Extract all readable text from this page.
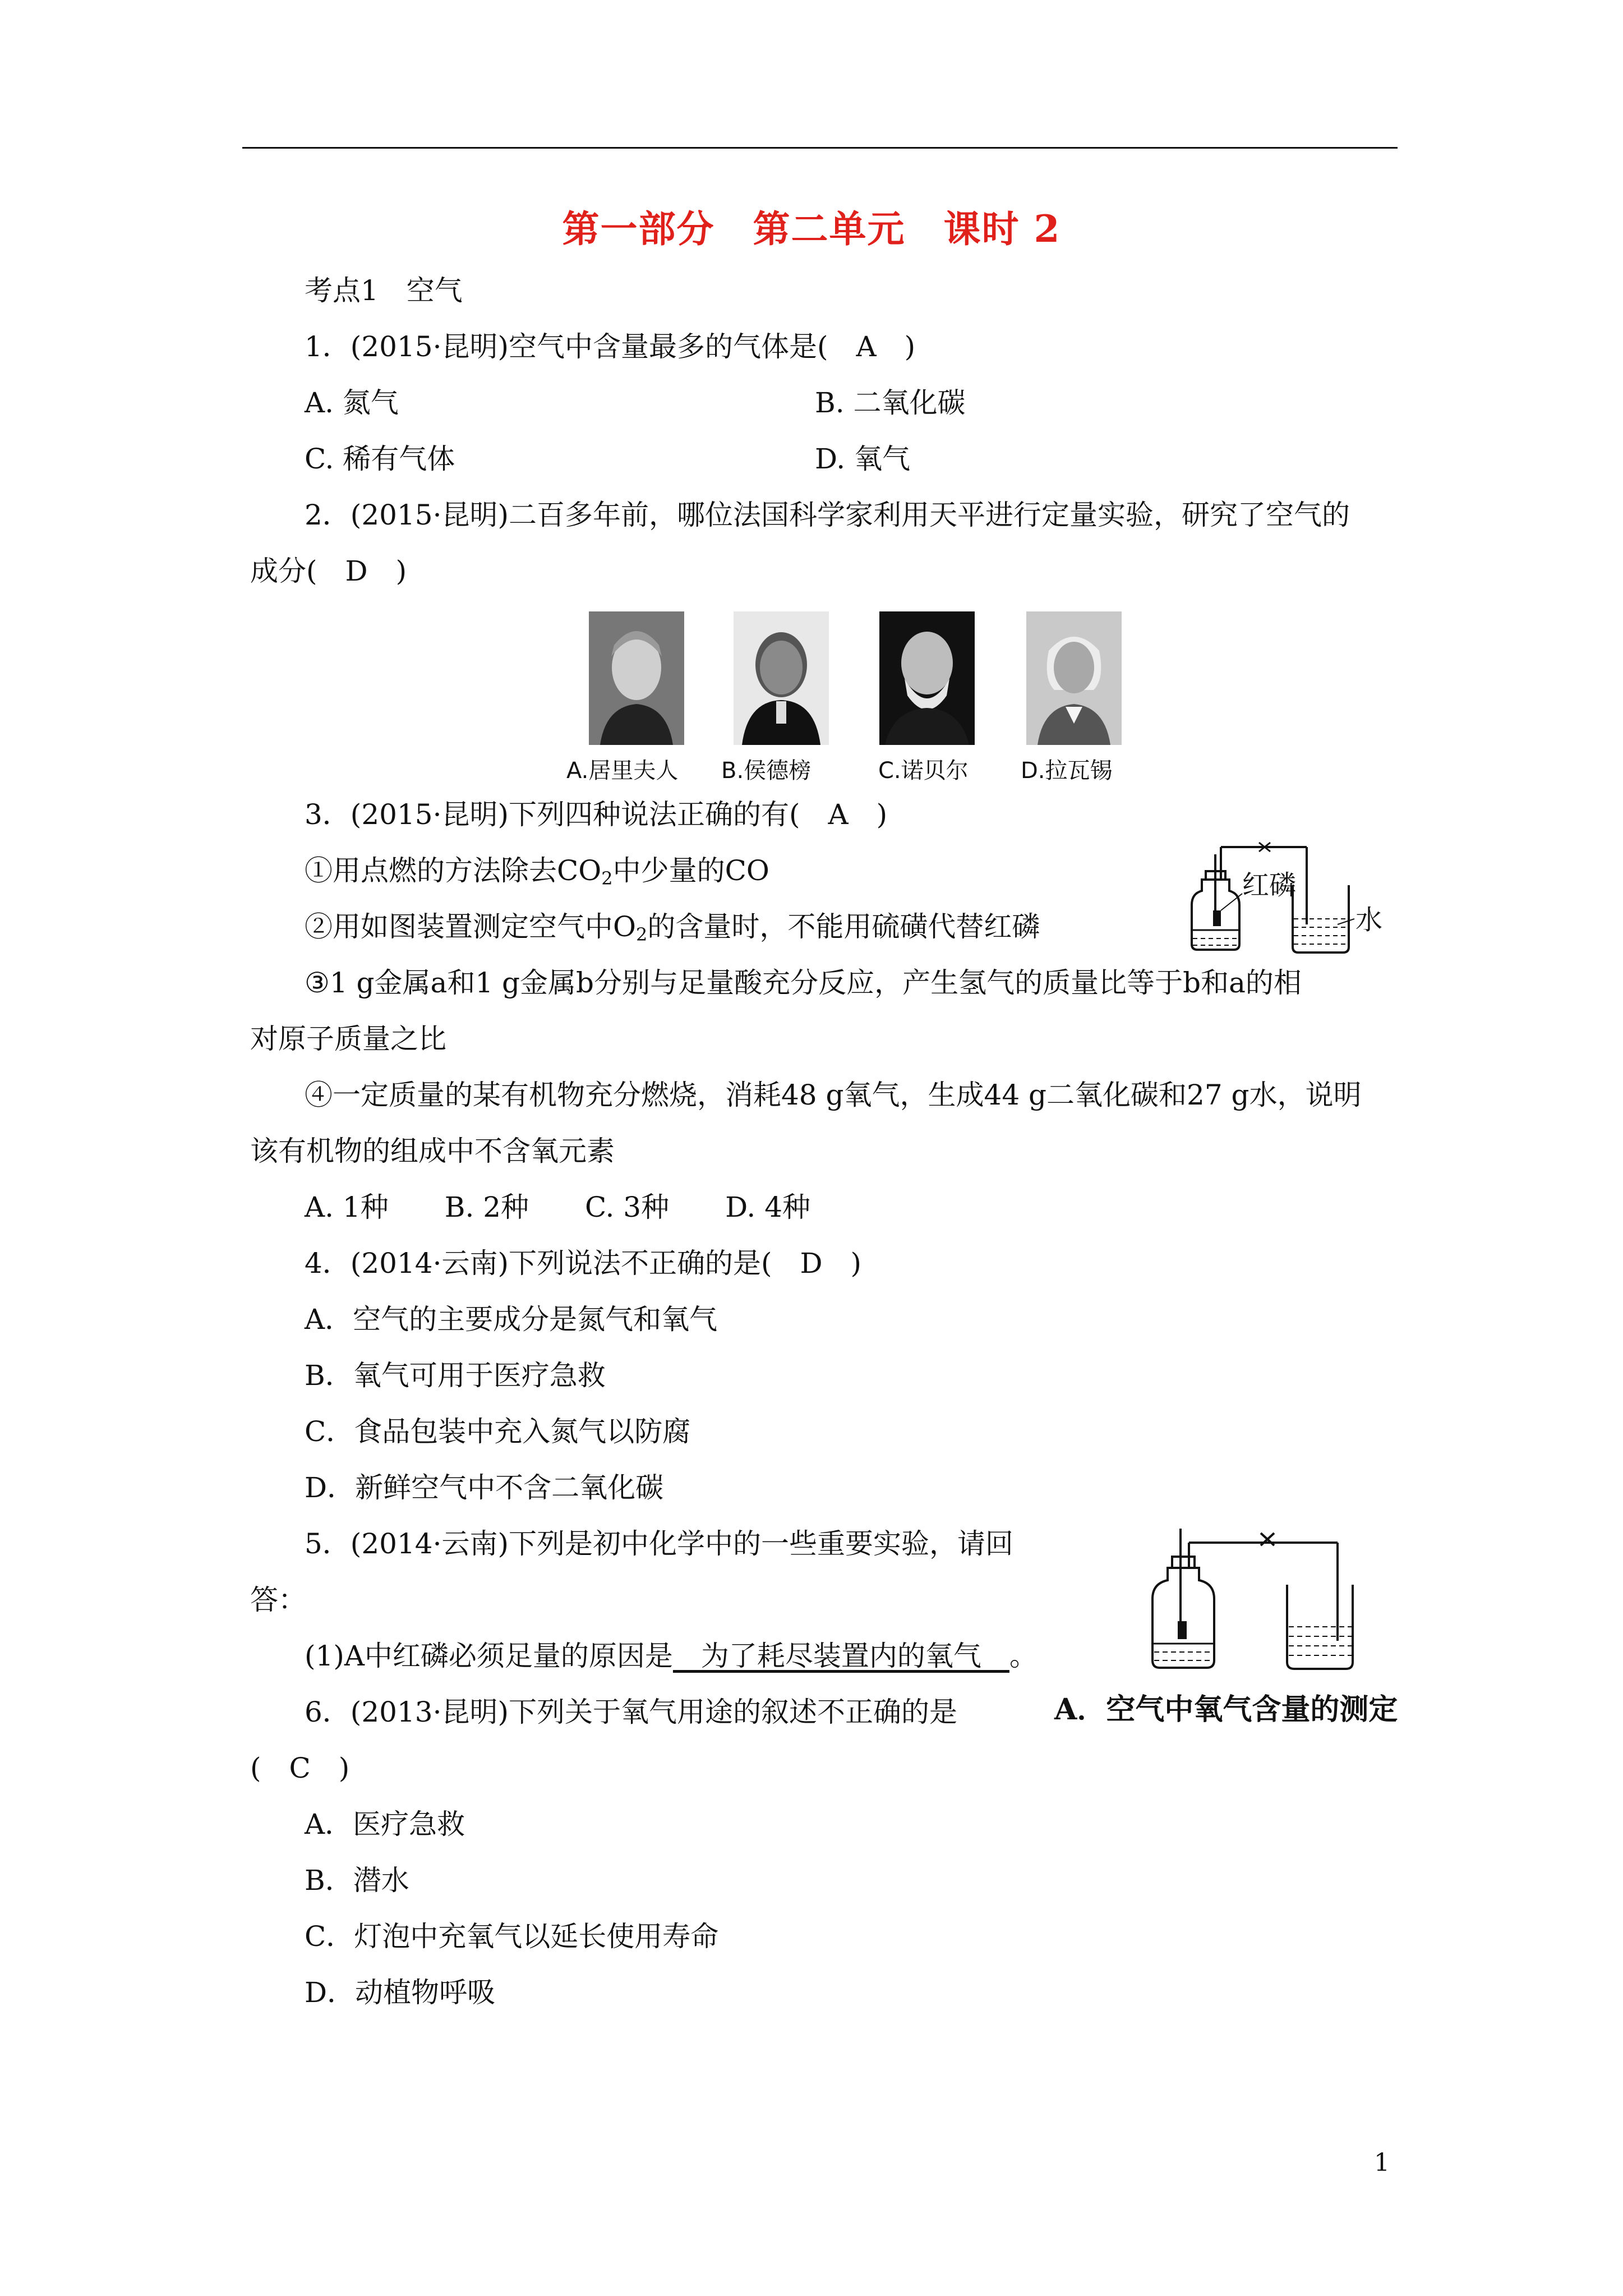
第一部分 第二单元 课时 2
考点1　空气
1．(2015·昆明)空气中含量最多的气体是(　A　)
A. 氮气	B. 二氧化碳
C. 稀有气体	D. 氧气
2．(2015·昆明)二百多年前，哪位法国科学家利用天平进行定量实验，研究了空气的
成分(　D　)
A.居里夫人 B.侯德榜	C.诺贝尔 D.拉瓦锡
3．(2015·昆明)下列四种说法正确的有(　A　)
①用点燃的方法除去$CO_2$中少量的CO
②用如图装置测定空气中$O_2$的含量时，不能用硫磺代替红磷
红磷
水
③1 g金属a和1 g金属b分别与足量酸充分反应，产生氢气的质量比等于b和a的相
对原子质量之比
④一定质量的某有机物充分燃烧，消耗48 g氧气，生成44 g二氧化碳和27 g水，说明
该有机物的组成中不含氧元素
A. 1种　　B. 2种　　C. 3种　　D. 4种
4．(2014·云南)下列说法不正确的是(　D　)
A．空气的主要成分是氮气和氧气
B．氧气可用于医疗急救
C．食品包装中充入氮气以防腐
D．新鲜空气中不含二氧化碳
5．(2014·云南)下列是初中化学中的一些重要实验，请回
答：
(1)A中红磷必须足量的原因是　为了耗尽装置内的氧气　。
A．空气中氧气含量的测定
6．(2013·昆明)下列关于氧气用途的叙述不正确的是
(　C　)
A．医疗急救
B．潜水
C．灯泡中充氧气以延长使用寿命
D．动植物呼吸
1
